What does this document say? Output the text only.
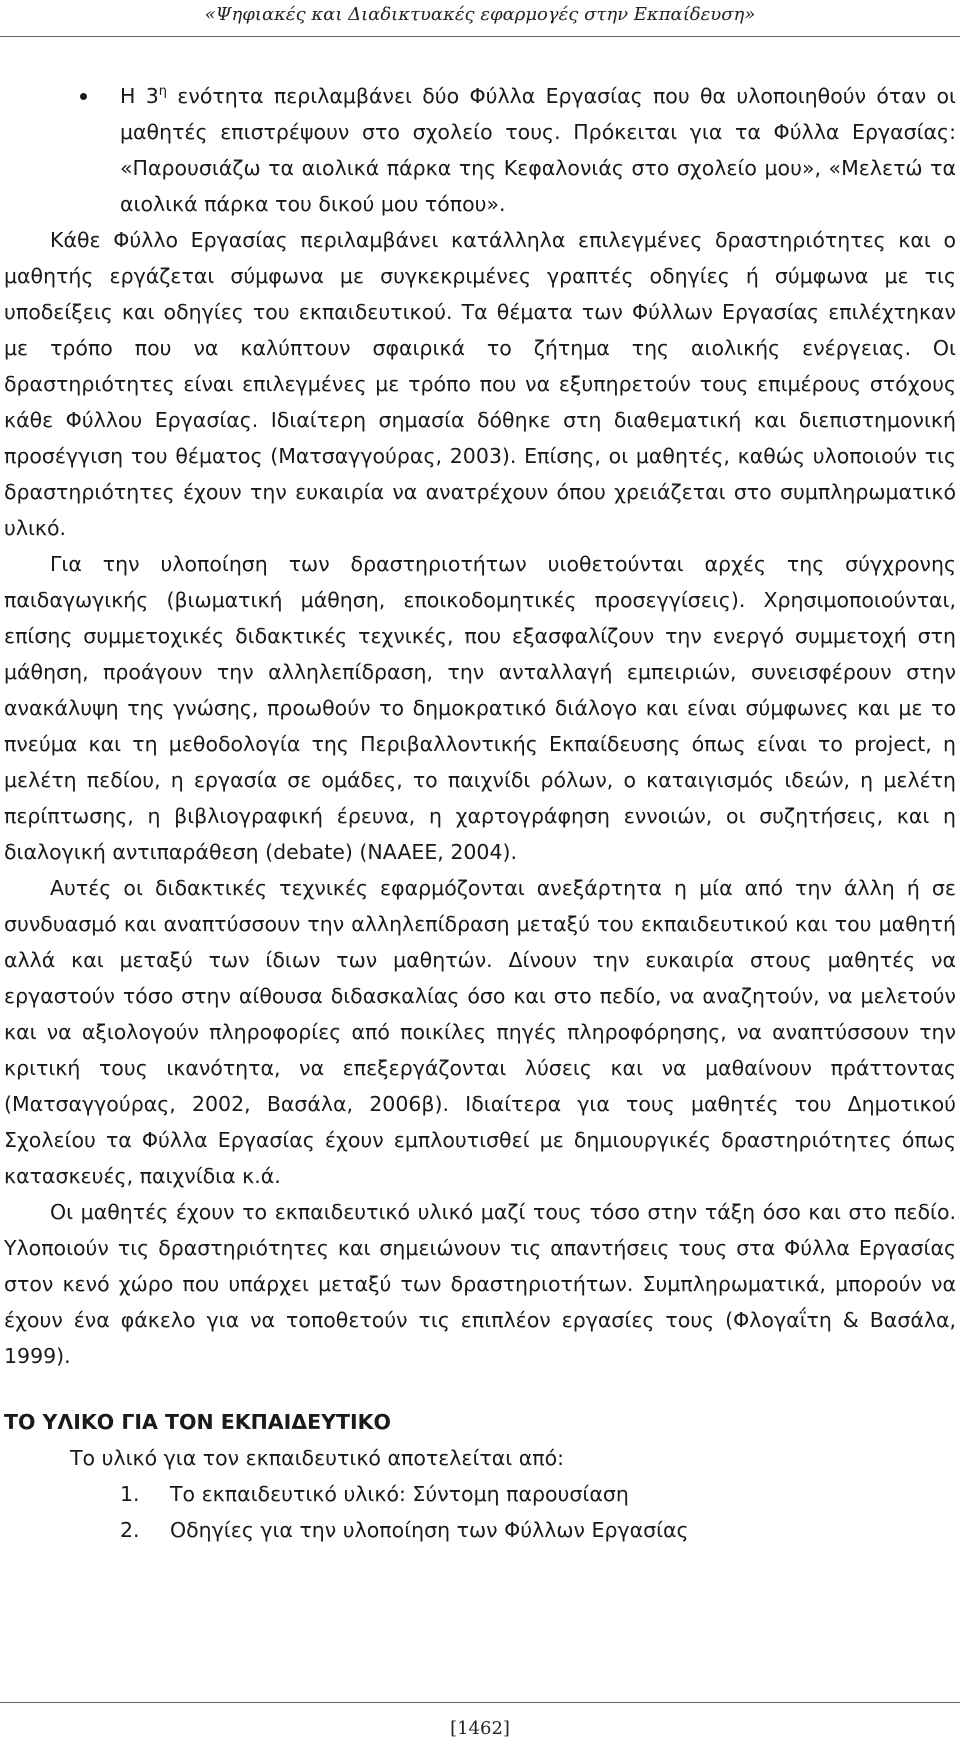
«Ψηφιακές και Διαδικτυακές εφαρμογές στην Εκπαίδευση»

Η $3^\eta$ ενότητα περιλαμβάνει δύο Φύλλα Εργασίας που θα υλοποιηθούν όταν οι μαθητές επιστρέψουν στο σχολείο τους. Πρόκειται για τα Φύλλα Εργασίας: «Παρουσιάζω τα αιολικά πάρκα της Κεφαλονιάς στο σχολείο μου», «Μελετώ τα αιολικά πάρκα του δικού μου τόπου».

Κάθε Φύλλο Εργασίας περιλαμβάνει κατάλληλα επιλεγμένες δραστηριότητες και ο μαθητής εργάζεται σύμφωνα με συγκεκριμένες γραπτές οδηγίες ή σύμφωνα με τις υποδείξεις και οδηγίες του εκπαιδευτικού. Τα θέματα των Φύλλων Εργασίας επιλέχτηκαν με τρόπο που να καλύπτουν σφαιρικά το ζήτημα της αιολικής ενέργειας. Οι δραστηριότητες είναι επιλεγμένες με τρόπο που να εξυπηρετούν τους επιμέρους στόχους κάθε Φύλλου Εργασίας. Ιδιαίτερη σημασία δόθηκε στη διαθεματική και διεπιστημονική προσέγγιση του θέματος (Ματσαγγούρας, 2003). Επίσης, οι μαθητές, καθώς υλοποιούν τις δραστηριότητες έχουν την ευκαιρία να ανατρέχουν όπου χρειάζεται στο συμπληρωματικό υλικό.

Για την υλοποίηση των δραστηριοτήτων υιοθετούνται αρχές της σύγχρονης παιδαγωγικής (βιωματική μάθηση, εποικοδομητικές προσεγγίσεις). Χρησιμοποιούνται, επίσης συμμετοχικές διδακτικές τεχνικές, που εξασφαλίζουν την ενεργό συμμετοχή στη μάθηση, προάγουν την αλληλεπίδραση, την ανταλλαγή εμπειριών, συνεισφέρουν στην ανακάλυψη της γνώσης, προωθούν το δημοκρατικό διάλογο και είναι σύμφωνες και με το πνεύμα και τη μεθοδολογία της Περιβαλλοντικής Εκπαίδευσης όπως είναι το project, η μελέτη πεδίου, η εργασία σε ομάδες, το παιχνίδι ρόλων, ο καταιγισμός ιδεών, η μελέτη περίπτωσης, η βιβλιογραφική έρευνα, η χαρτογράφηση εννοιών, οι συζητήσεις, και η διαλογική αντιπαράθεση (debate) (NAAEE, 2004).

Αυτές οι διδακτικές τεχνικές εφαρμόζονται ανεξάρτητα η μία από την άλλη ή σε συνδυασμό και αναπτύσσουν την αλληλεπίδραση μεταξύ του εκπαιδευτικού και του μαθητή αλλά και μεταξύ των ίδιων των μαθητών. Δίνουν την ευκαιρία στους μαθητές να εργαστούν τόσο στην αίθουσα διδασκαλίας όσο και στο πεδίο, να αναζητούν, να μελετούν και να αξιολογούν πληροφορίες από ποικίλες πηγές πληροφόρησης, να αναπτύσσουν την κριτική τους ικανότητα, να επεξεργάζονται λύσεις και να μαθαίνουν πράττοντας (Ματσαγγούρας, 2002, Βασάλα, 2006β). Ιδιαίτερα για τους μαθητές του Δημοτικού Σχολείου τα Φύλλα Εργασίας έχουν εμπλουτισθεί με δημιουργικές δραστηριότητες όπως κατασκευές, παιχνίδια κ.ά.

Οι μαθητές έχουν το εκπαιδευτικό υλικό μαζί τους τόσο στην τάξη όσο και στο πεδίο. Υλοποιούν τις δραστηριότητες και σημειώνουν τις απαντήσεις τους στα Φύλλα Εργασίας στον κενό χώρο που υπάρχει μεταξύ των δραστηριοτήτων. Συμπληρωματικά, μπορούν να έχουν ένα φάκελο για να τοποθετούν τις επιπλέον εργασίες τους (Φλογαΐτη & Βασάλα, 1999).

ΤΟ ΥΛΙΚΟ ΓΙΑ ΤΟΝ ΕΚΠΑΙΔΕΥΤΙΚΟ

Το υλικό για τον εκπαιδευτικό αποτελείται από:

1. Το εκπαιδευτικό υλικό: Σύντομη παρουσίαση
2. Οδηγίες για την υλοποίηση των Φύλλων Εργασίας
[1462]
